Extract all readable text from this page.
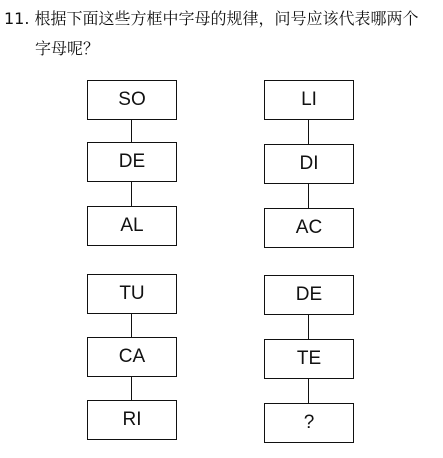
11. 根据下面这些方框中字母的规律，问号应该代表哪两个
字母呢？
SO
DE
AL
TU
CA
RI
LI
DI
AC
DE
TE
?
